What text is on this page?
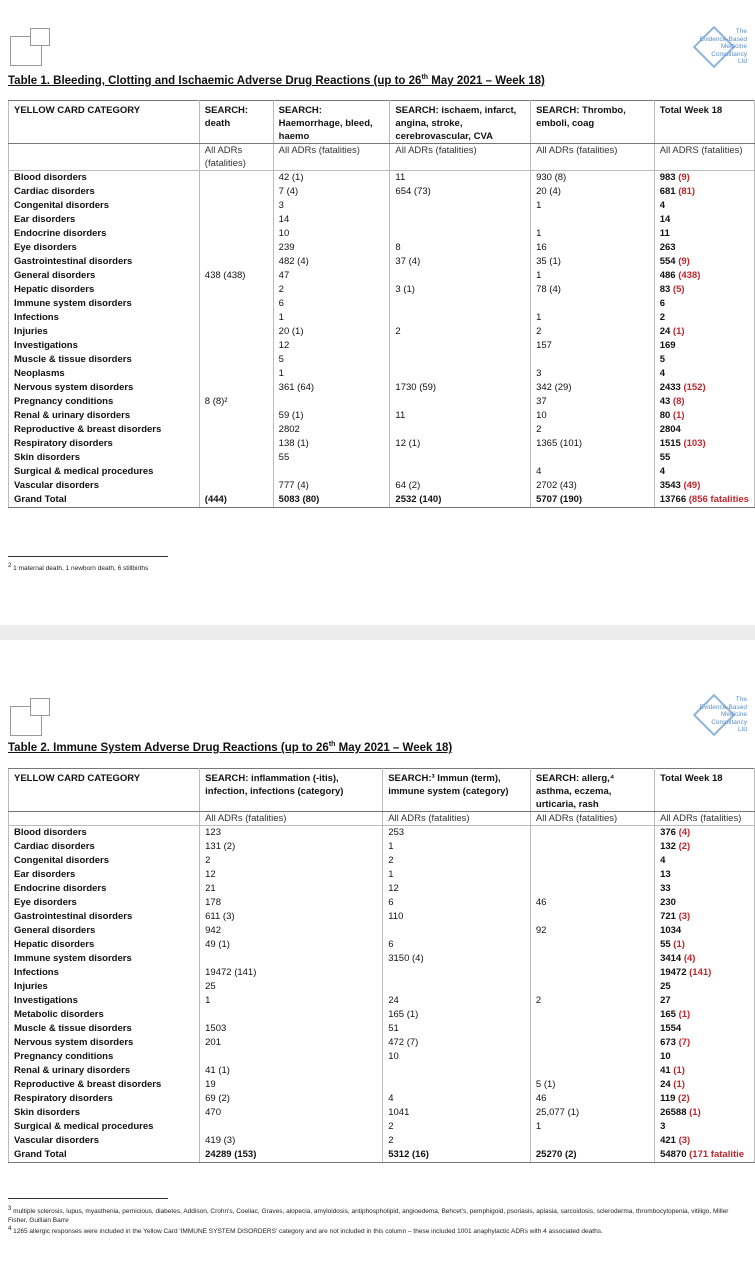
The
Evidence-Based
Medicine
Consultancy
Ltd
Table 1. Bleeding, Clotting and Ischaemic Adverse Drug Reactions (up to 26th May 2021 – Week 18)
YELLOW CARD CATEGORY	SEARCH: death	SEARCH: Haemorrhage, bleed, haemo	SEARCH: ischaem, infarct, angina, stroke, cerebrovascular, CVA	SEARCH: Thrombo, emboli, coag	Total Week 18
	All ADRs (fatalities)	All ADRs (fatalities)	All ADRs (fatalities)	All ADRs (fatalities)	All ADRS (fatalities)
Blood disorders		42 (1)	11	930 (8)	983 (9)
Cardiac disorders		7 (4)	654 (73)	20 (4)	681 (81)
Congenital disorders		3		1	4
Ear disorders		14			14
Endocrine disorders		10		1	11
Eye disorders		239	8	16	263
Gastrointestinal disorders		482 (4)	37 (4)	35 (1)	554 (9)
General disorders	438 (438)	47		1	486 (438)
Hepatic disorders		2	3 (1)	78 (4)	83 (5)
Immune system disorders		6			6
Infections		1		1	2
Injuries		20 (1)	2	2	24 (1)
Investigations		12		157	169
Muscle & tissue disorders		5			5
Neoplasms		1		3	4
Nervous system disorders		361 (64)	1730 (59)	342 (29)	2433 (152)
Pregnancy conditions	8 (8)²			37	43 (8)
Renal & urinary disorders		59 (1)	11	10	80 (1)
Reproductive & breast disorders		2802		2	2804
Respiratory disorders		138 (1)	12 (1)	1365 (101)	1515 (103)
Skin disorders		55			55
Surgical & medical procedures				4	4
Vascular disorders		777 (4)	64 (2)	2702 (43)	3543 (49)
Grand Total	(444)	5083 (80)	2532 (140)	5707 (190)	13766 (856 fatalities
$^2$ 1 maternal death, 1 newborn death, 6 stillbirths
The
Evidence-Based
Medicine
Consultancy
Ltd
Table 2. Immune System Adverse Drug Reactions (up to 26th May 2021 – Week 18)
YELLOW CARD CATEGORY	SEARCH: inflammation (-itis), infection, infections (category)	SEARCH:³ Immun (term), immune system (category)	SEARCH: allerg,⁴ asthma, eczema, urticaria, rash	Total Week 18
	All ADRs (fatalities)	All ADRs (fatalities)	All ADRs (fatalities)	All ADRs (fatalities)
Blood disorders	123	253		376 (4)
Cardiac disorders	131 (2)	1		132 (2)
Congenital disorders	2	2		4
Ear disorders	12	1		13
Endocrine disorders	21	12		33
Eye disorders	178	6	46	230
Gastrointestinal disorders	611 (3)	110		721 (3)
General disorders	942		92	1034
Hepatic disorders	49 (1)	6		55 (1)
Immune system disorders		3150 (4)		3414 (4)
Infections	19472 (141)			19472 (141)
Injuries	25			25
Investigations	1	24	2	27
Metabolic disorders		165 (1)		165 (1)
Muscle & tissue disorders	1503	51		1554
Nervous system disorders	201	472 (7)		673 (7)
Pregnancy conditions		10		10
Renal & urinary disorders	41 (1)			41 (1)
Reproductive & breast disorders	19		5 (1)	24 (1)
Respiratory disorders	69 (2)	4	46	119 (2)
Skin disorders	470	1041	25,077 (1)	26588 (1)
Surgical & medical procedures		2	1	3
Vascular disorders	419 (3)	2		421 (3)
Grand Total	24289 (153)	5312 (16)	25270 (2)	54870 (171 fatalitie
$^3$ multiple sclerosis, lupus, myasthenia, pernicious, diabetes, Addison, Crohn's, Coeliac, Graves, alopecia, amyloidosis, antiphospholipid, angioedema, Behcet's, pemphigoid, psoriasis, aplasia, sarcoidosis, scleroderma, thrombocytopenia, vitiligo, Miller Fisher, Guillain Barre
$^4$ 1265 allergic responses were included in the Yellow Card 'IMMUNE SYSTEM DISORDERS' category and are not included in this column – these included 1001 anaphylactic ADRs with 4 associated deaths.
